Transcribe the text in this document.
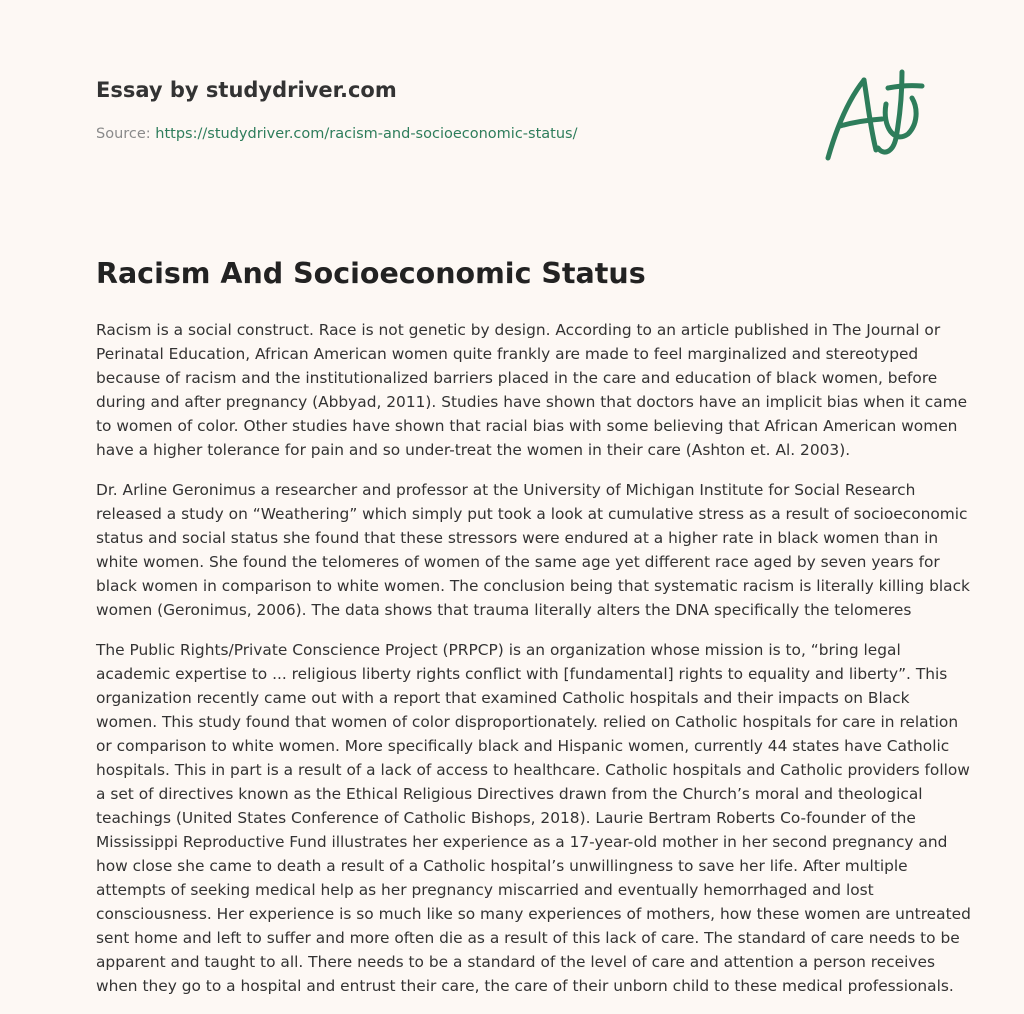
Essay by studydriver.com
Source: https://studydriver.com/racism-and-socioeconomic-status/
Racism And Socioeconomic Status

Racism is a social construct. Race is not genetic by design. According to an article published in The Journal or
Perinatal Education, African American women quite frankly are made to feel marginalized and stereotyped
because of racism and the institutionalized barriers placed in the care and education of black women, before
during and after pregnancy (Abbyad, 2011). Studies have shown that doctors have an implicit bias when it came
to women of color. Other studies have shown that racial bias with some believing that African American women
have a higher tolerance for pain and so under-treat the women in their care (Ashton et. Al. 2003).

Dr. Arline Geronimus a researcher and professor at the University of Michigan Institute for Social Research
released a study on “Weathering” which simply put took a look at cumulative stress as a result of socioeconomic
status and social status she found that these stressors were endured at a higher rate in black women than in
white women. She found the telomeres of women of the same age yet different race aged by seven years for
black women in comparison to white women. The conclusion being that systematic racism is literally killing black
women (Geronimus, 2006). The data shows that trauma literally alters the DNA specifically the telomeres

The Public Rights/Private Conscience Project (PRPCP) is an organization whose mission is to, “bring legal
academic expertise to ... religious liberty rights conflict with [fundamental] rights to equality and liberty”. This
organization recently came out with a report that examined Catholic hospitals and their impacts on Black
women. This study found that women of color disproportionately. relied on Catholic hospitals for care in relation
or comparison to white women. More specifically black and Hispanic women, currently 44 states have Catholic
hospitals. This in part is a result of a lack of access to healthcare. Catholic hospitals and Catholic providers follow
a set of directives known as the Ethical Religious Directives drawn from the Church’s moral and theological
teachings (United States Conference of Catholic Bishops, 2018). Laurie Bertram Roberts Co-founder of the
Mississippi Reproductive Fund illustrates her experience as a 17-year-old mother in her second pregnancy and
how close she came to death a result of a Catholic hospital’s unwillingness to save her life. After multiple
attempts of seeking medical help as her pregnancy miscarried and eventually hemorrhaged and lost
consciousness. Her experience is so much like so many experiences of mothers, how these women are untreated
sent home and left to suffer and more often die as a result of this lack of care. The standard of care needs to be
apparent and taught to all. There needs to be a standard of the level of care and attention a person receives
when they go to a hospital and entrust their care, the care of their unborn child to these medical professionals.
